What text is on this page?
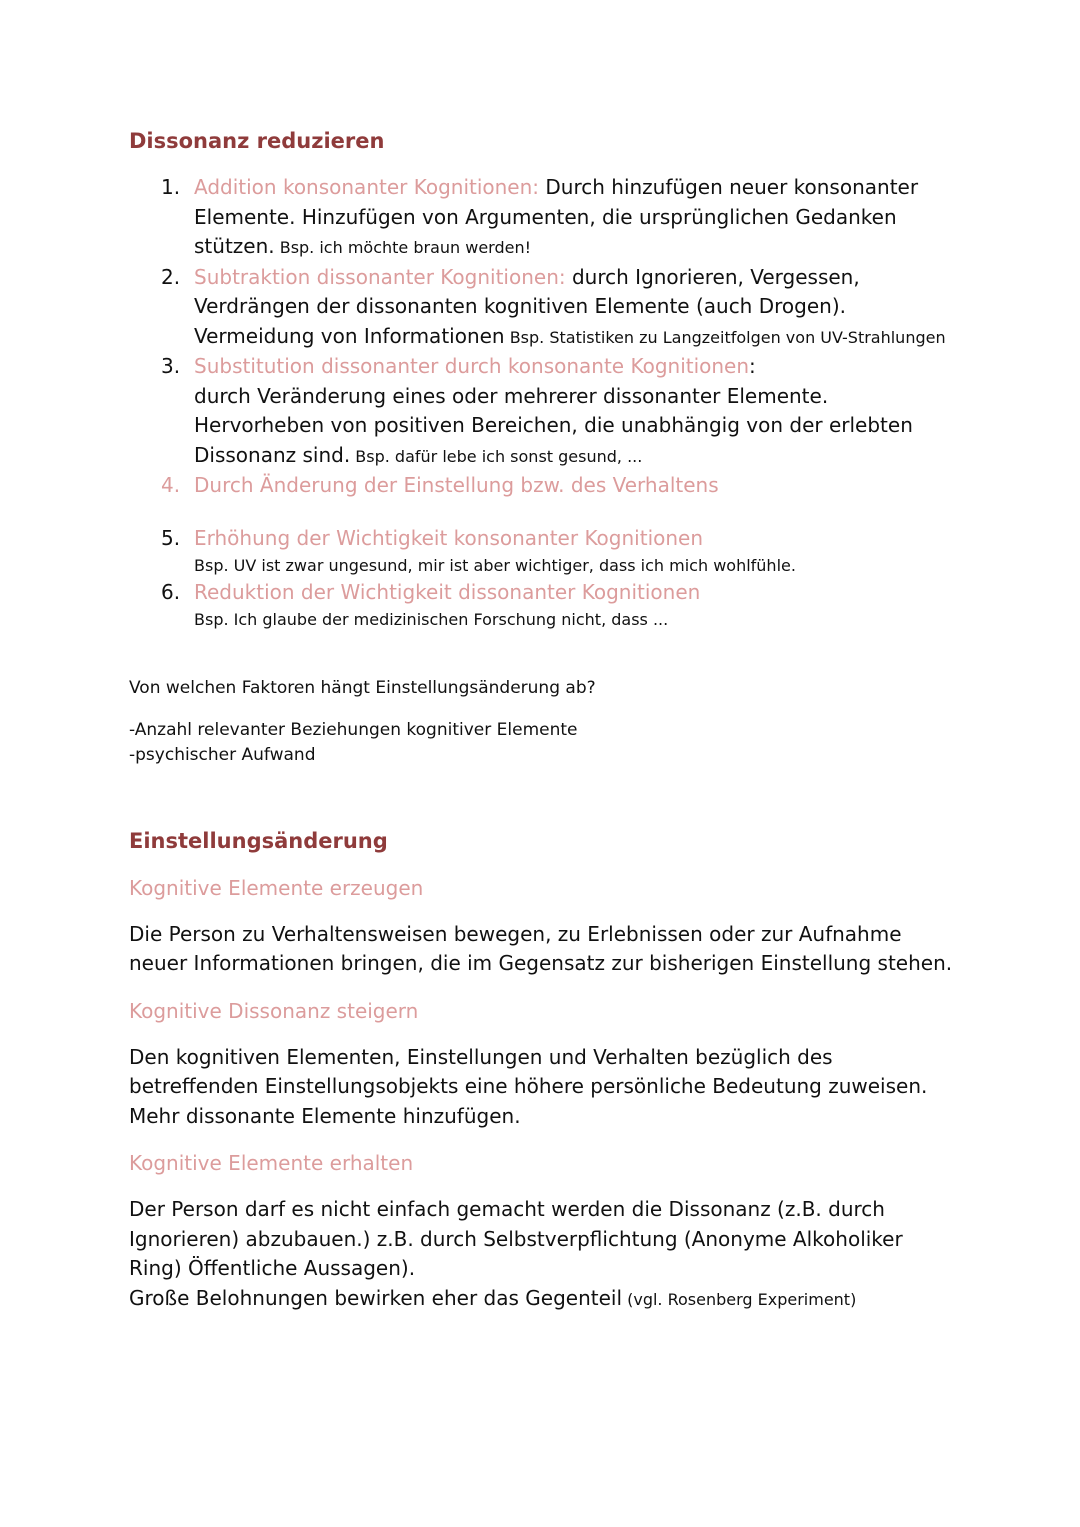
Dissonanz reduzieren
1. Addition konsonanter Kognitionen: Durch hinzufügen neuer konsonanter Elemente. Hinzufügen von Argumenten, die ursprünglichen Gedanken stützen. Bsp. ich möchte braun werden!
2. Subtraktion dissonanter Kognitionen: durch Ignorieren, Vergessen, Verdrängen der dissonanten kognitiven Elemente (auch Drogen). Vermeidung von Informationen Bsp. Statistiken zu Langzeitfolgen von UV-Strahlungen
3. Substitution dissonanter durch konsonante Kognitionen:
durch Veränderung eines oder mehrerer dissonanter Elemente. Hervorheben von positiven Bereichen, die unabhängig von der erlebten Dissonanz sind. Bsp. dafür lebe ich sonst gesund, ...
4. Durch Änderung der Einstellung bzw. des Verhaltens
5. Erhöhung der Wichtigkeit konsonanter Kognitionen
Bsp. UV ist zwar ungesund, mir ist aber wichtiger, dass ich mich wohlfühle.
6. Reduktion der Wichtigkeit dissonanter Kognitionen
Bsp. Ich glaube der medizinischen Forschung nicht, dass ...
Von welchen Faktoren hängt Einstellungsänderung ab?
-Anzahl relevanter Beziehungen kognitiver Elemente
-psychischer Aufwand
Einstellungsänderung
Kognitive Elemente erzeugen

Die Person zu Verhaltensweisen bewegen, zu Erlebnissen oder zur Aufnahme neuer Informationen bringen, die im Gegensatz zur bisherigen Einstellung stehen.

Kognitive Dissonanz steigern

Den kognitiven Elementen, Einstellungen und Verhalten bezüglich des betreffenden Einstellungsobjekts eine höhere persönliche Bedeutung zuweisen. Mehr dissonante Elemente hinzufügen.

Kognitive Elemente erhalten

Der Person darf es nicht einfach gemacht werden die Dissonanz (z.B. durch Ignorieren) abzubauen.) z.B. durch Selbstverpflichtung (Anonyme Alkoholiker Ring) Öffentliche Aussagen).

Große Belohnungen bewirken eher das Gegenteil (vgl. Rosenberg Experiment)
